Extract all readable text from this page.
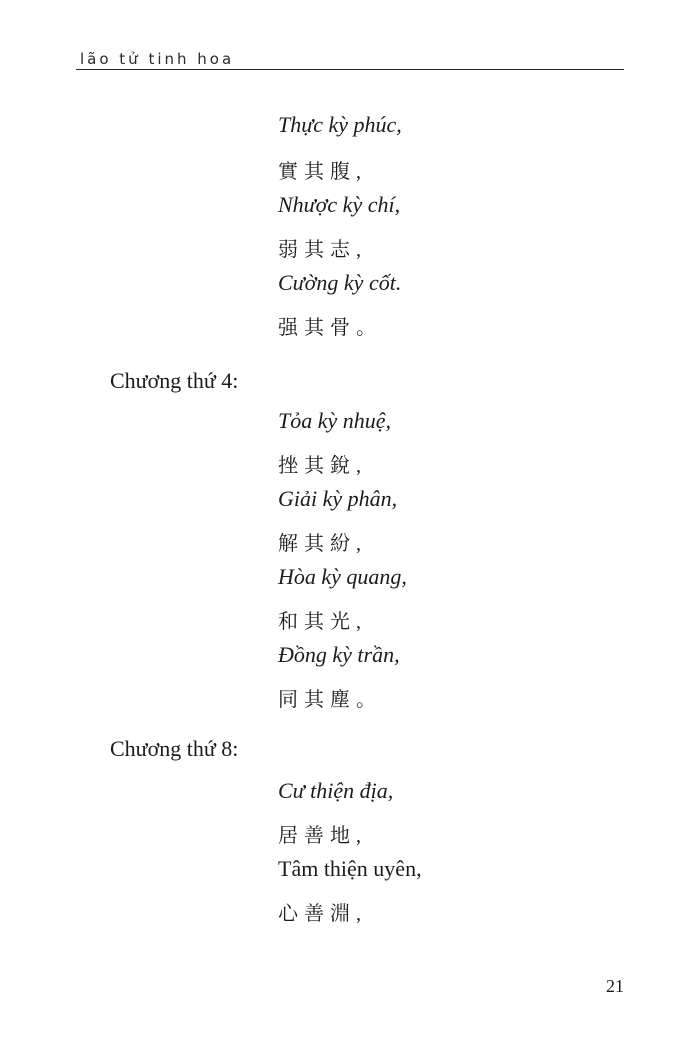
lão tử tinh hoa
Thực kỳ phúc,
實其腹,
Nhược kỳ chí,
弱其志,
Cường kỳ cốt.
强其骨。
Chương thứ 4:
Tỏa kỳ nhuệ,
挫其銳,
Giải kỳ phân,
解其紛,
Hòa kỳ quang,
和其光,
Đồng kỳ trần,
同其塵。
Chương thứ 8:
Cư thiện địa,
居善地,
Tâm thiện uyên,
心善淵,
21
